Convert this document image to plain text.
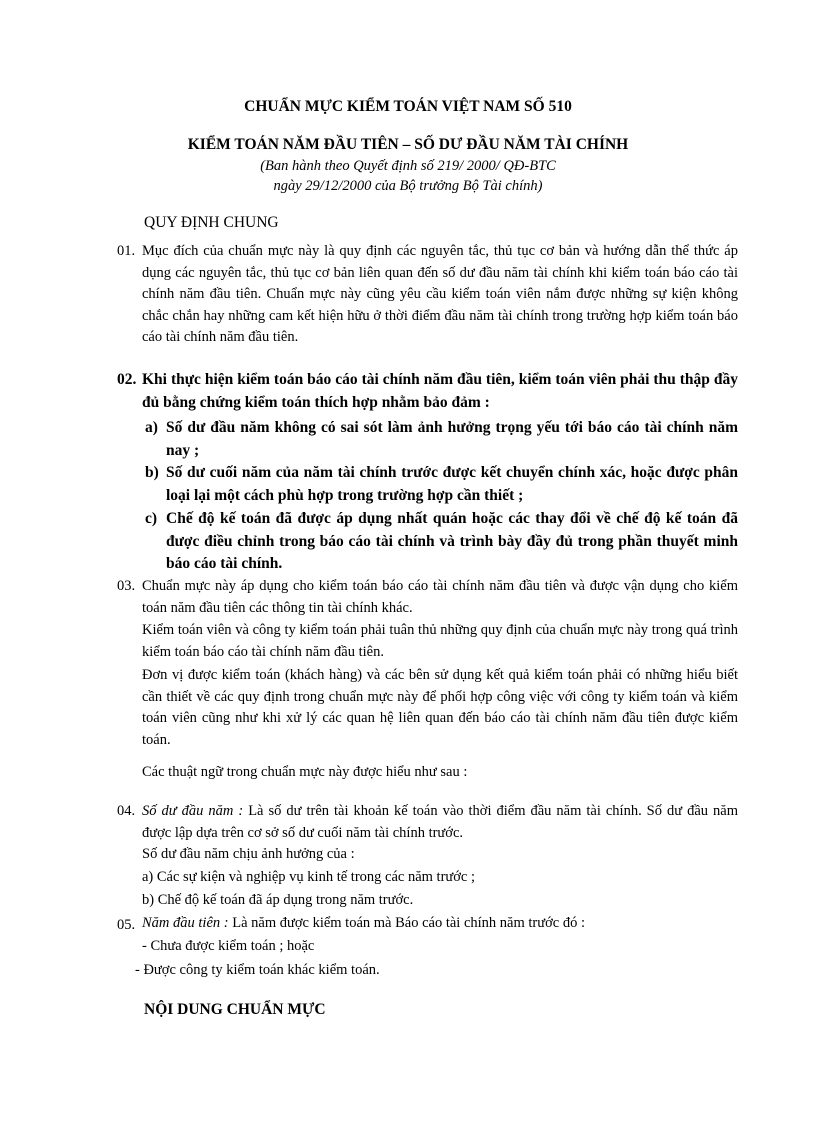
CHUẨN MỰC KIỂM TOÁN VIỆT NAM SỐ 510
KIỂM TOÁN NĂM ĐẦU TIÊN – SỐ DƯ ĐẦU NĂM TÀI CHÍNH
(Ban hành theo Quyết định số 219/ 2000/ QĐ-BTC
ngày 29/12/2000 của Bộ trưởng Bộ Tài chính)
QUY ĐỊNH CHUNG
01. Mục đích của chuẩn mực này là quy định các nguyên tắc, thủ tục cơ bản và hướng dẫn thể thức áp dụng các nguyên tắc, thủ tục cơ bản liên quan đến số dư đầu năm tài chính khi kiểm toán báo cáo tài chính năm đầu tiên. Chuẩn mực này cũng yêu cầu kiểm toán viên nắm được những sự kiện không chắc chắn hay những cam kết hiện hữu ở thời điểm đầu năm tài chính trong trường hợp kiểm toán báo cáo tài chính năm đầu tiên.
02. Khi thực hiện kiểm toán báo cáo tài chính năm đầu tiên, kiểm toán viên phải thu thập đầy đủ bằng chứng kiểm toán thích hợp nhằm bảo đảm :
a) Số dư đầu năm không có sai sót làm ảnh hưởng trọng yếu tới báo cáo tài chính năm nay ;
b) Số dư cuối năm của năm tài chính trước được kết chuyển chính xác, hoặc được phân loại lại một cách phù hợp trong trường hợp cần thiết ;
c) Chế độ kế toán đã được áp dụng nhất quán hoặc các thay đổi về chế độ kế toán đã được điều chỉnh trong báo cáo tài chính và trình bày đầy đủ trong phần thuyết minh báo cáo tài chính.
03. Chuẩn mực này áp dụng cho kiểm toán báo cáo tài chính năm đầu tiên và được vận dụng cho kiểm toán năm đầu tiên các thông tin tài chính khác.
Kiểm toán viên và công ty kiểm toán phải tuân thủ những quy định của chuẩn mực này trong quá trình kiểm toán báo cáo tài chính năm đầu tiên.
Đơn vị được kiểm toán (khách hàng) và các bên sử dụng kết quả kiểm toán phải có những hiểu biết cần thiết về các quy định trong chuẩn mực này để phối hợp công việc với công ty kiểm toán và kiểm toán viên cũng như khi xử lý các quan hệ liên quan đến báo cáo tài chính năm đầu tiên được kiểm toán.
Các thuật ngữ trong chuẩn mực này được hiểu như sau :
04. Số dư đầu năm : Là số dư trên tài khoản kế toán vào thời điểm đầu năm tài chính. Số dư đầu năm được lập dựa trên cơ sở số dư cuối năm tài chính trước.
Số dư đầu năm chịu ảnh hưởng của :
a) Các sự kiện và nghiệp vụ kinh tế trong các năm trước ;
b) Chế độ kế toán đã áp dụng trong năm trước.
05. Năm đầu tiên : Là năm được kiểm toán mà Báo cáo tài chính năm trước đó :
- Chưa được kiểm toán ; hoặc
- Được công ty kiểm toán khác kiểm toán.
NỘI DUNG CHUẨN MỰC
